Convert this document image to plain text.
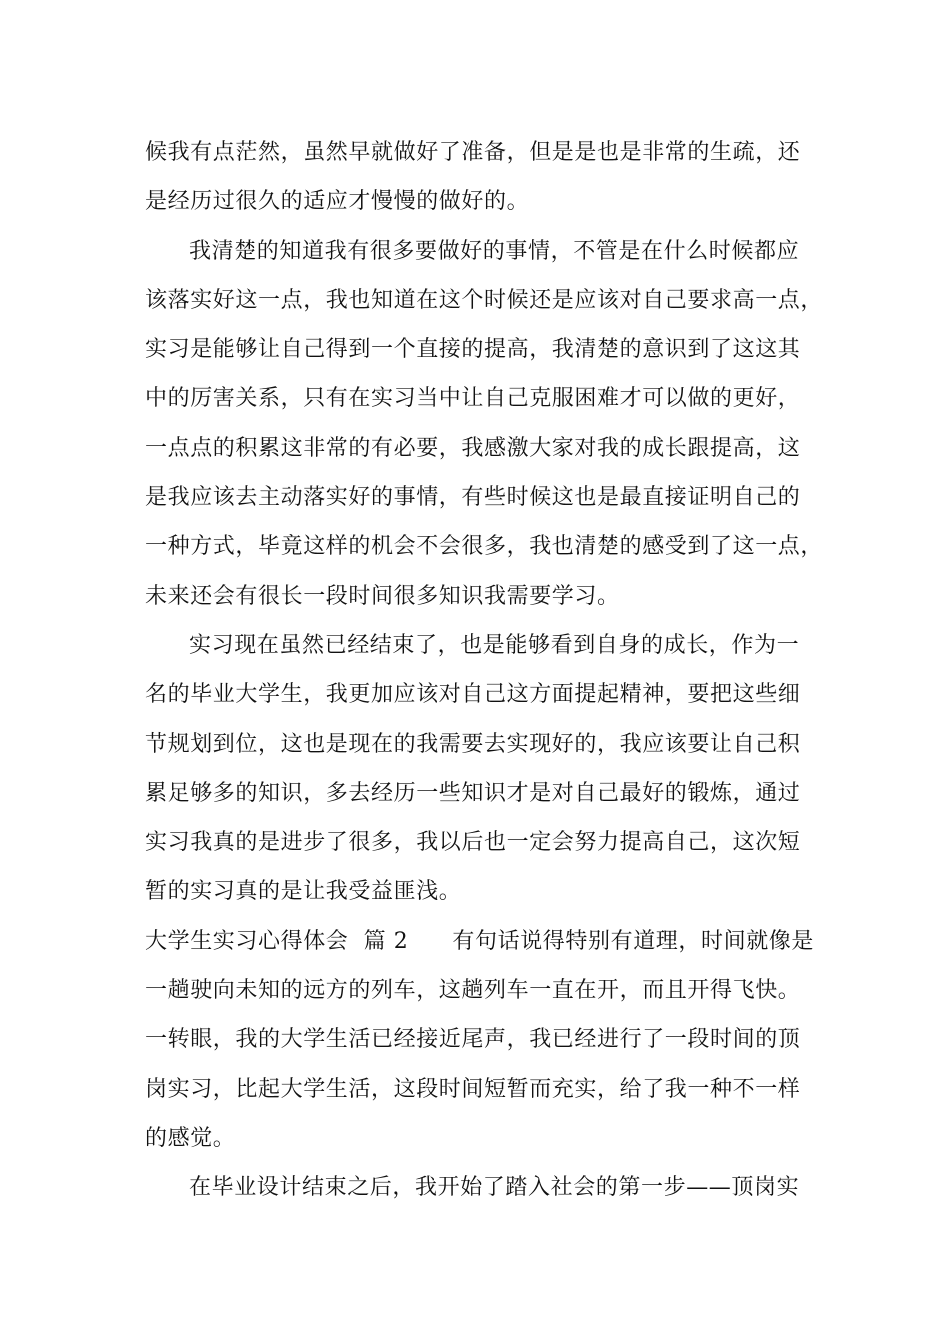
候我有点茫然，虽然早就做好了准备，但是是也是非常的生疏，还
是经历过很久的适应才慢慢的做好的。
我清楚的知道我有很多要做好的事情，不管是在什么时候都应
该落实好这一点，我也知道在这个时候还是应该对自己要求高一点，
实习是能够让自己得到一个直接的提高，我清楚的意识到了这这其
中的厉害关系，只有在实习当中让自己克服困难才可以做的更好，
一点点的积累这非常的有必要，我感激大家对我的成长跟提高，这
是我应该去主动落实好的事情，有些时候这也是最直接证明自己的
一种方式，毕竟这样的机会不会很多，我也清楚的感受到了这一点，
未来还会有很长一段时间很多知识我需要学习。
实习现在虽然已经结束了，也是能够看到自身的成长，作为一
名的毕业大学生，我更加应该对自己这方面提起精神，要把这些细
节规划到位，这也是现在的我需要去实现好的，我应该要让自己积
累足够多的知识，多去经历一些知识才是对自己最好的锻炼，通过
实习我真的是进步了很多，我以后也一定会努力提高自己，这次短
暂的实习真的是让我受益匪浅。
大学生实习心得体会  篇 2 有句话说得特别有道理，时间就像是
一趟驶向未知的远方的列车，这趟列车一直在开，而且开得飞快。
一转眼，我的大学生活已经接近尾声，我已经进行了一段时间的顶
岗实习，比起大学生活，这段时间短暂而充实，给了我一种不一样
的感觉。
在毕业设计结束之后，我开始了踏入社会的第一步——顶岗实
